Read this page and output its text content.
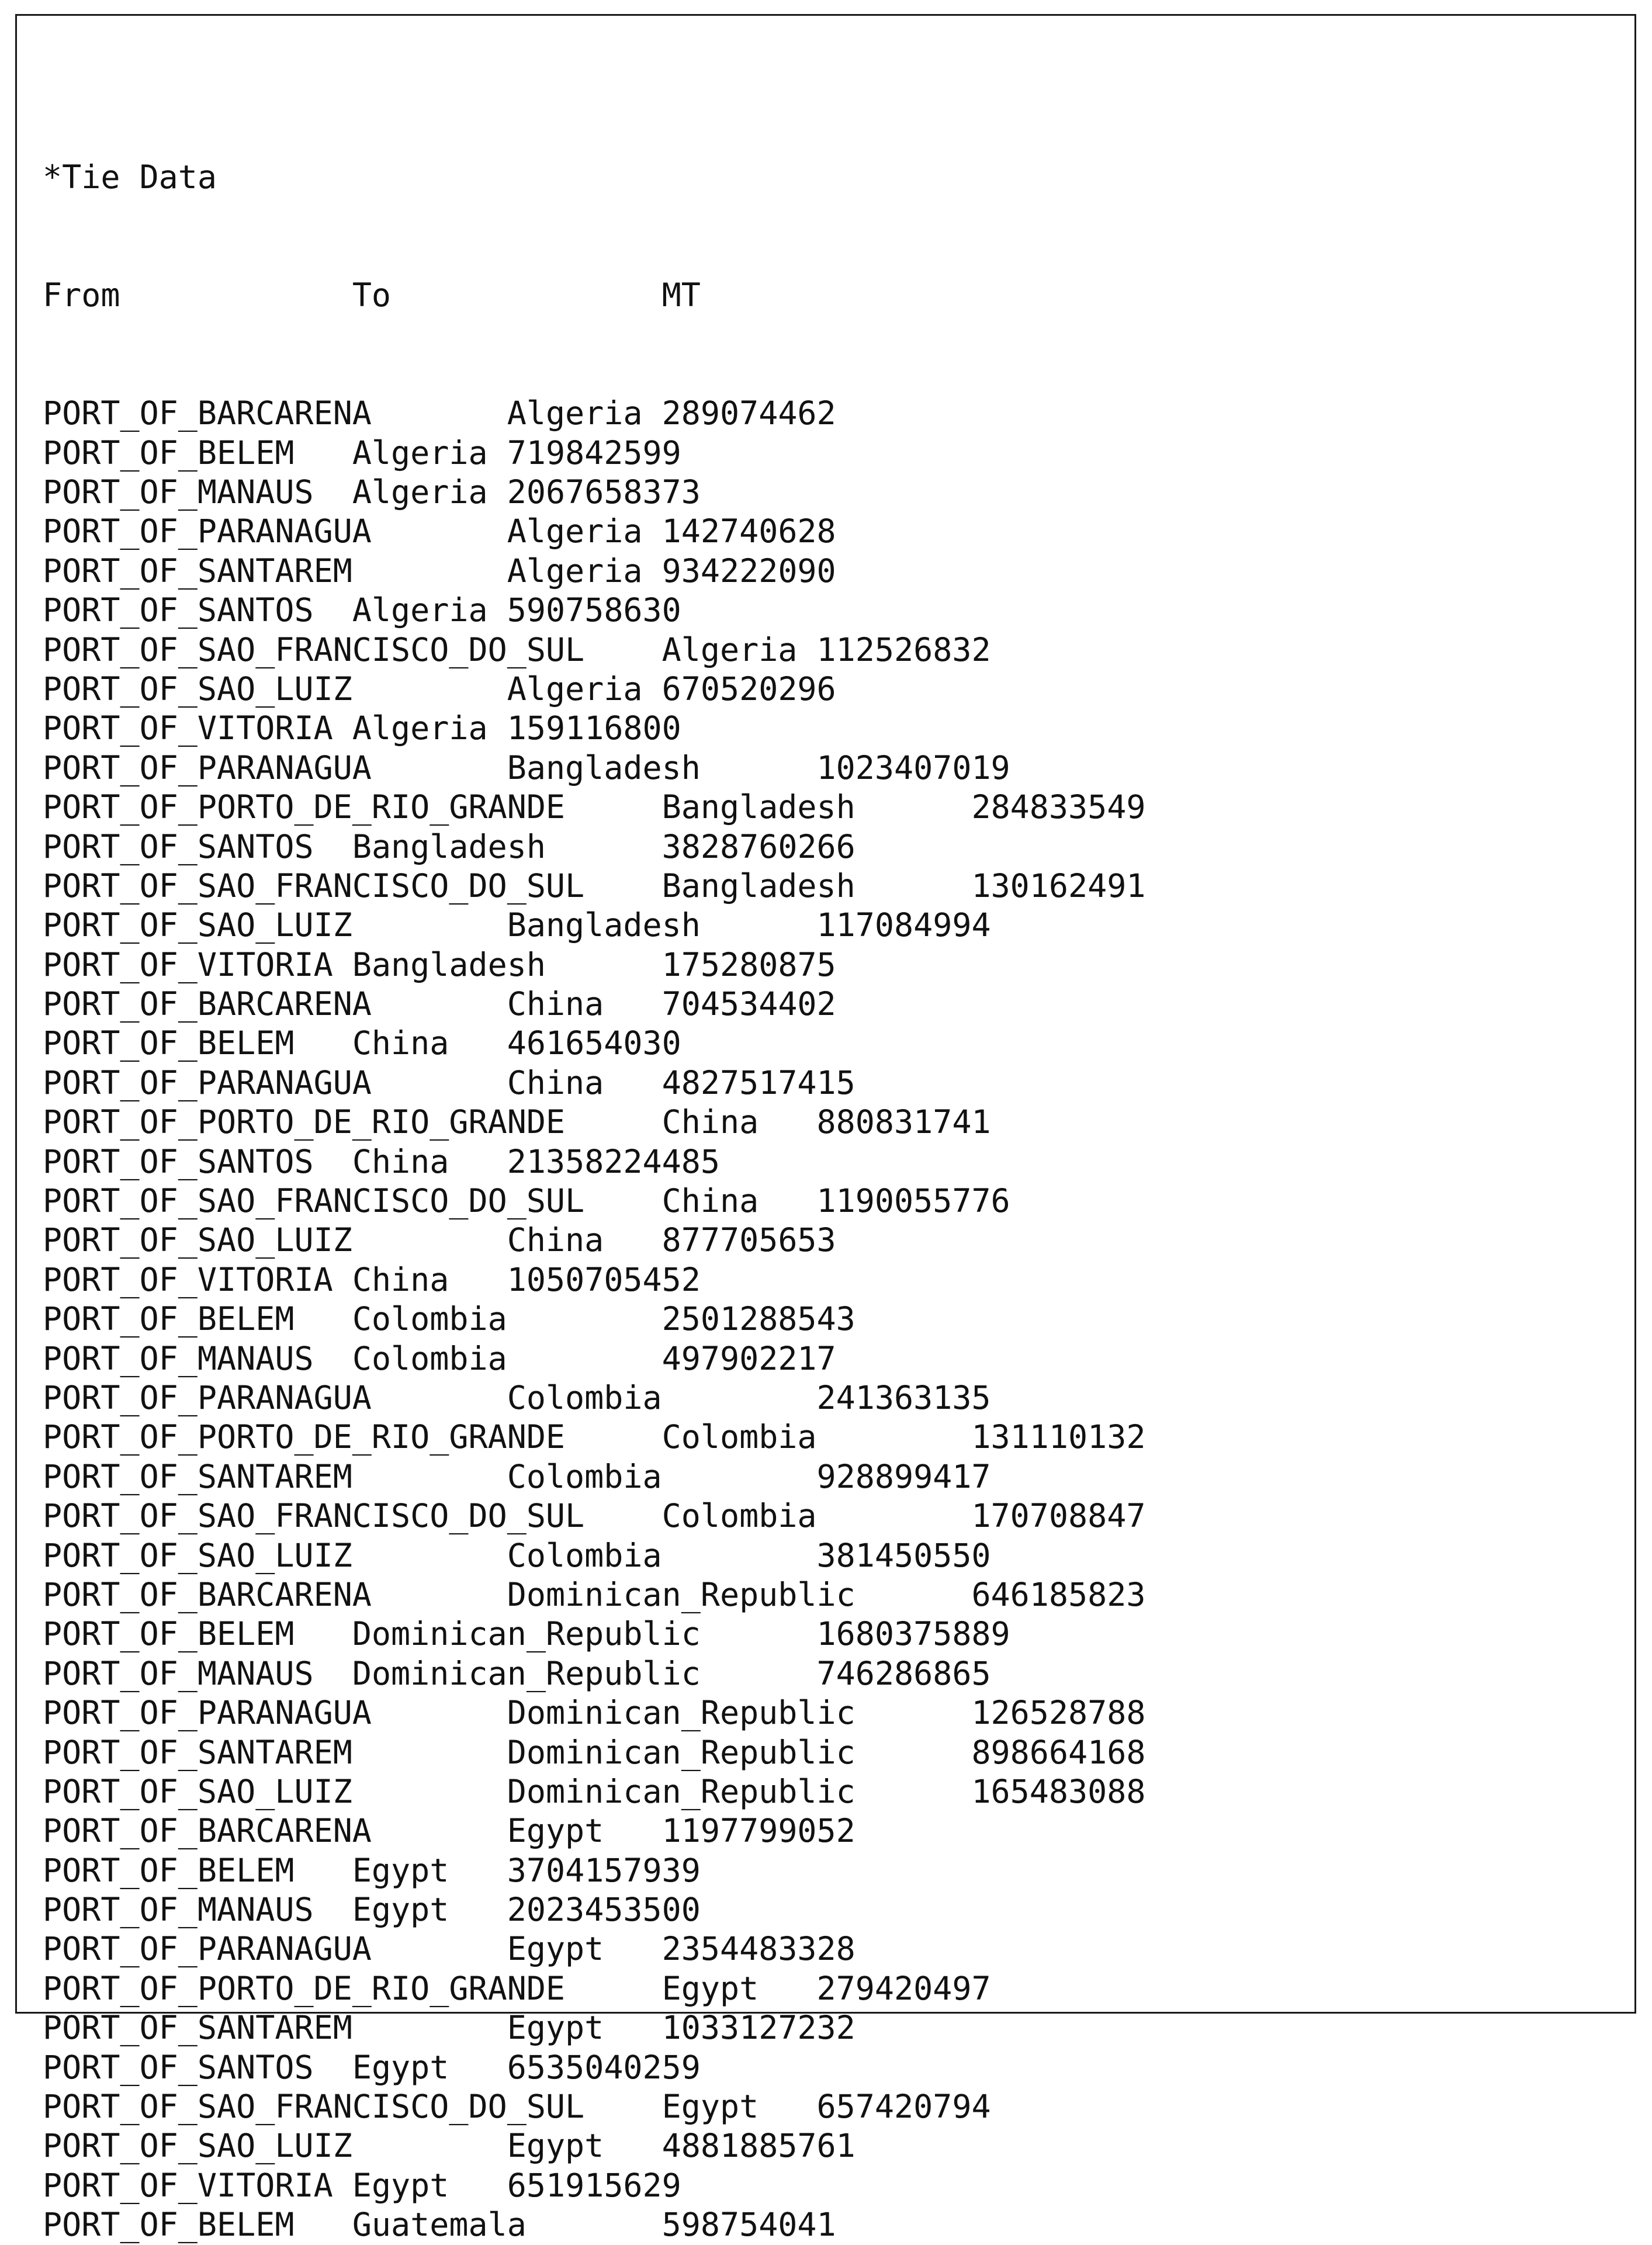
*Tie Data

From	To	MT

PORT_OF_BARCARENA	Algeria 289074462
PORT_OF_BELEM Algeria 719842599
PORT_OF_MANAUS Algeria 2067658373
PORT_OF_PARANAGUA	Algeria 142740628
PORT_OF_SANTAREM	Algeria 934222090
PORT_OF_SANTOS Algeria 590758630
PORT_OF_SAO_FRANCISCO_DO_SUL Algeria 112526832
PORT_OF_SAO_LUIZ	Algeria 670520296
PORT_OF_VITORIA Algeria 159116800
PORT_OF_PARANAGUA	Bangladesh	1023407019
PORT_OF_PORTO_DE_RIO_GRANDE	Bangladesh	284833549
PORT_OF_SANTOS Bangladesh	3828760266
PORT_OF_SAO_FRANCISCO_DO_SUL Bangladesh	130162491
PORT_OF_SAO_LUIZ	Bangladesh	117084994
PORT_OF_VITORIA Bangladesh	175280875
PORT_OF_BARCARENA	China 704534402
PORT_OF_BELEM China 461654030
PORT_OF_PARANAGUA	China 4827517415
PORT_OF_PORTO_DE_RIO_GRANDE	China 880831741
PORT_OF_SANTOS China 21358224485
PORT_OF_SAO_FRANCISCO_DO_SUL China 1190055776
PORT_OF_SAO_LUIZ	China 877705653
PORT_OF_VITORIA China 1050705452
PORT_OF_BELEM Colombia	2501288543
PORT_OF_MANAUS Colombia	497902217
PORT_OF_PARANAGUA	Colombia	241363135
PORT_OF_PORTO_DE_RIO_GRANDE	Colombia	131110132
PORT_OF_SANTAREM	Colombia	928899417
PORT_OF_SAO_FRANCISCO_DO_SUL Colombia	170708847
PORT_OF_SAO_LUIZ	Colombia	381450550
PORT_OF_BARCARENA	Dominican_Republic	646185823
PORT_OF_BELEM Dominican_Republic	1680375889
PORT_OF_MANAUS Dominican_Republic	746286865
PORT_OF_PARANAGUA	Dominican_Republic	126528788
PORT_OF_SANTAREM	Dominican_Republic	898664168
PORT_OF_SAO_LUIZ	Dominican_Republic	165483088
PORT_OF_BARCARENA	Egypt 1197799052
PORT_OF_BELEM Egypt 3704157939
PORT_OF_MANAUS Egypt 2023453500
PORT_OF_PARANAGUA	Egypt 2354483328
PORT_OF_PORTO_DE_RIO_GRANDE	Egypt 279420497
PORT_OF_SANTAREM	Egypt 1033127232
PORT_OF_SANTOS Egypt 6535040259
PORT_OF_SAO_FRANCISCO_DO_SUL Egypt 657420794
PORT_OF_SAO_LUIZ	Egypt 4881885761
PORT_OF_VITORIA Egypt 651915629
PORT_OF_BELEM Guatemala	598754041
